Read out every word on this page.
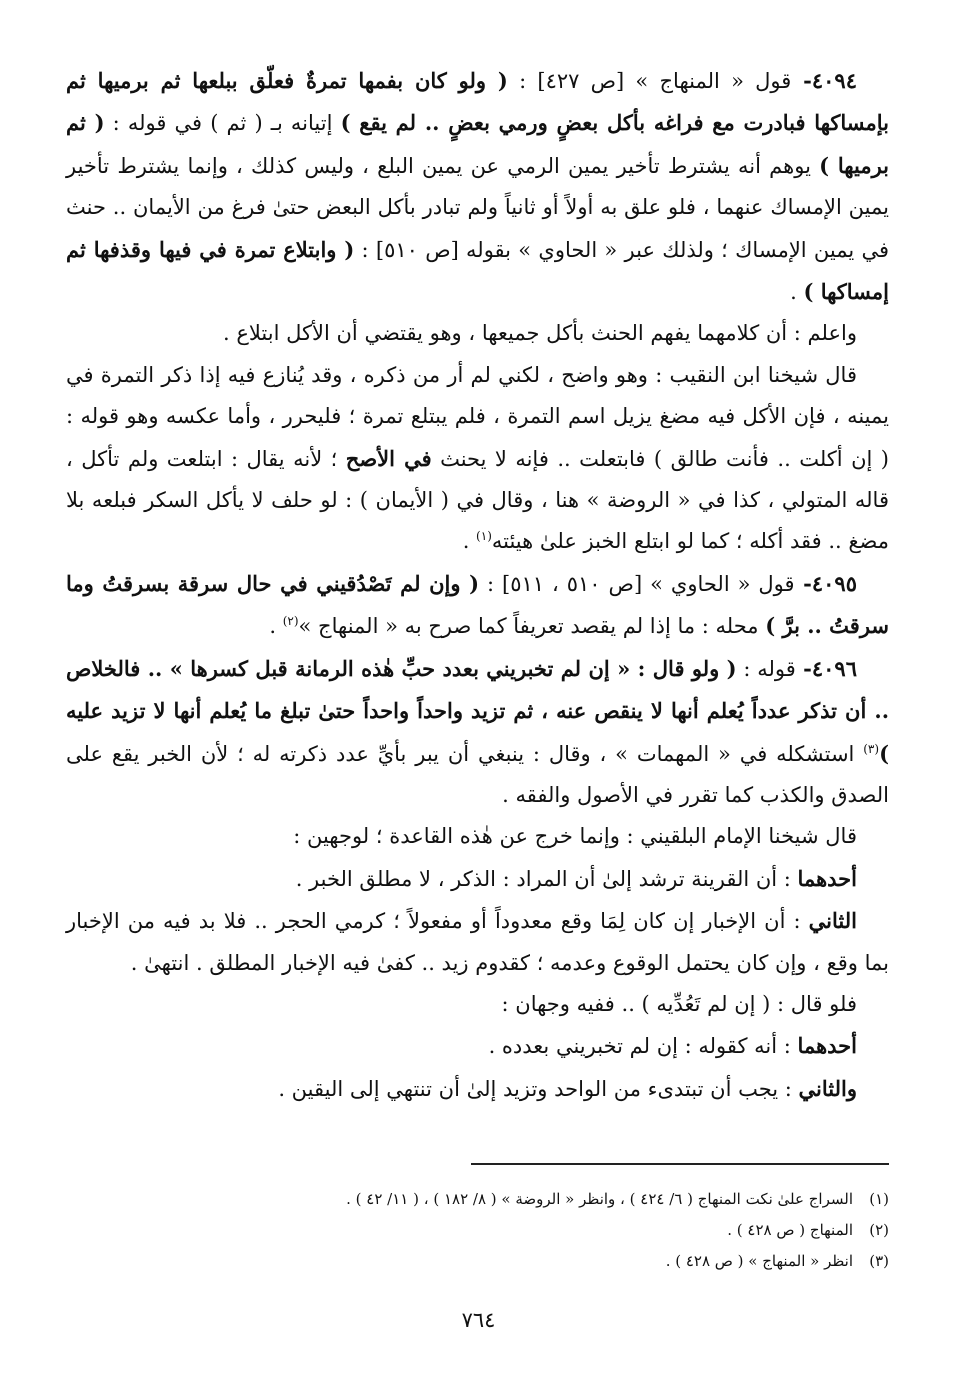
٤٠٩٤- قول « المنهاج » [ص ٤٢٧] : ( ولو كان بفمها تمرةٌ فعلّق ببلعها ثم برميها ثم بإمساكها فبادرت مع فراغه بأكل بعضٍ ورمي بعضٍ .. لم يقع ) إتيانه بـ ( ثم ) في قوله : ( ثم برميها ) يوهم أنه يشترط تأخير يمين الرمي عن يمين البلع ، وليس كذلك ، وإنما يشترط تأخير يمين الإمساك عنهما ، فلو علق به أولاً أو ثانياً ولم تبادر بأكل البعض حتىٰ فرغ من الأيمان .. حنث في يمين الإمساك ؛ ولذلك عبر « الحاوي » بقوله [ص ٥١٠] : ( وابتلاع تمرة في فيها وقذفها ثم إمساكها ) .

واعلم : أن كلامهما يفهم الحنث بأكل جميعها ، وهو يقتضي أن الأكل ابتلاع .

قال شيخنا ابن النقيب : وهو واضح ، لكني لم أر من ذكره ، وقد يُنازع فيه إذا ذكر التمرة في يمينه ، فإن الأكل فيه مضغ يزيل اسم التمرة ، فلم يبتلع تمرة ؛ فليحرر ، وأما عكسه وهو قوله : ( إن أكلت .. فأنت طالق ) فابتعلت .. فإنه لا يحنث في الأصح ؛ لأنه يقال : ابتلعت ولم تأكل ، قاله المتولي ، كذا في « الروضة » هنا ، وقال في ( الأيمان ) : لو حلف لا يأكل السكر فبلعه بلا مضغ .. فقد أكله ؛ كما لو ابتلع الخبز علىٰ هيئته$^{(١)}$ .

٤٠٩٥- قول « الحاوي » [ص ٥١٠ ، ٥١١] : ( وإن لم تَصْدُقيني في حال سرقة بسرقتُ وما سرقتُ .. برَّ ) محله : ما إذا لم يقصد تعريفاً كما صرح به « المنهاج »$^{(٢)}$ .

٤٠٩٦- قوله : ( ولو قال : « إن لم تخبريني بعدد حبِّ هٰذه الرمانة قبل كسرها » .. فالخلاص .. أن تذكر عدداً يُعلم أنها لا ينقص عنه ، ثم تزيد واحداً واحداً حتىٰ تبلغ ما يُعلم أنها لا تزيد عليه )$^{(٣)}$ استشكله في « المهمات » ، وقال : ينبغي أن يبر بأيِّ عدد ذكرته له ؛ لأن الخبر يقع على الصدق والكذب كما تقرر في الأصول والفقه .

قال شيخنا الإمام البلقيني : وإنما خرج عن هٰذه القاعدة ؛ لوجهين :

أحدهما : أن القرينة ترشد إلىٰ أن المراد : الذكر ، لا مطلق الخبر .

الثاني : أن الإخبار إن كان لِمَا وقع معدوداً أو مفعولاً ؛ كرمي الحجر .. فلا بد فيه من الإخبار بما وقع ، وإن كان يحتمل الوقوع وعدمه ؛ كقدوم زيد .. كفىٰ فيه الإخبار المطلق . انتهىٰ .

فلو قال : ( إن لم تَعُدِّيه ) .. ففيه وجهان :

أحدهما : أنه كقوله : إن لم تخبريني بعدده .

والثاني : يجب أن تبتدىء من الواحد وتزيد إلىٰ أن تنتهي إلى اليقين .

(١)
السراج علىٰ نكت المنهاج ( ٦/ ٤٢٤ ) ، وانظر « الروضة » ( ٨/ ١٨٢ ) ، ( ١١/ ٤٢ ) .
(٢)
المنهاج ( ص ٤٢٨ ) .
(٣)
انظر « المنهاج » ( ص ٤٢٨ ) .
٧٦٤
